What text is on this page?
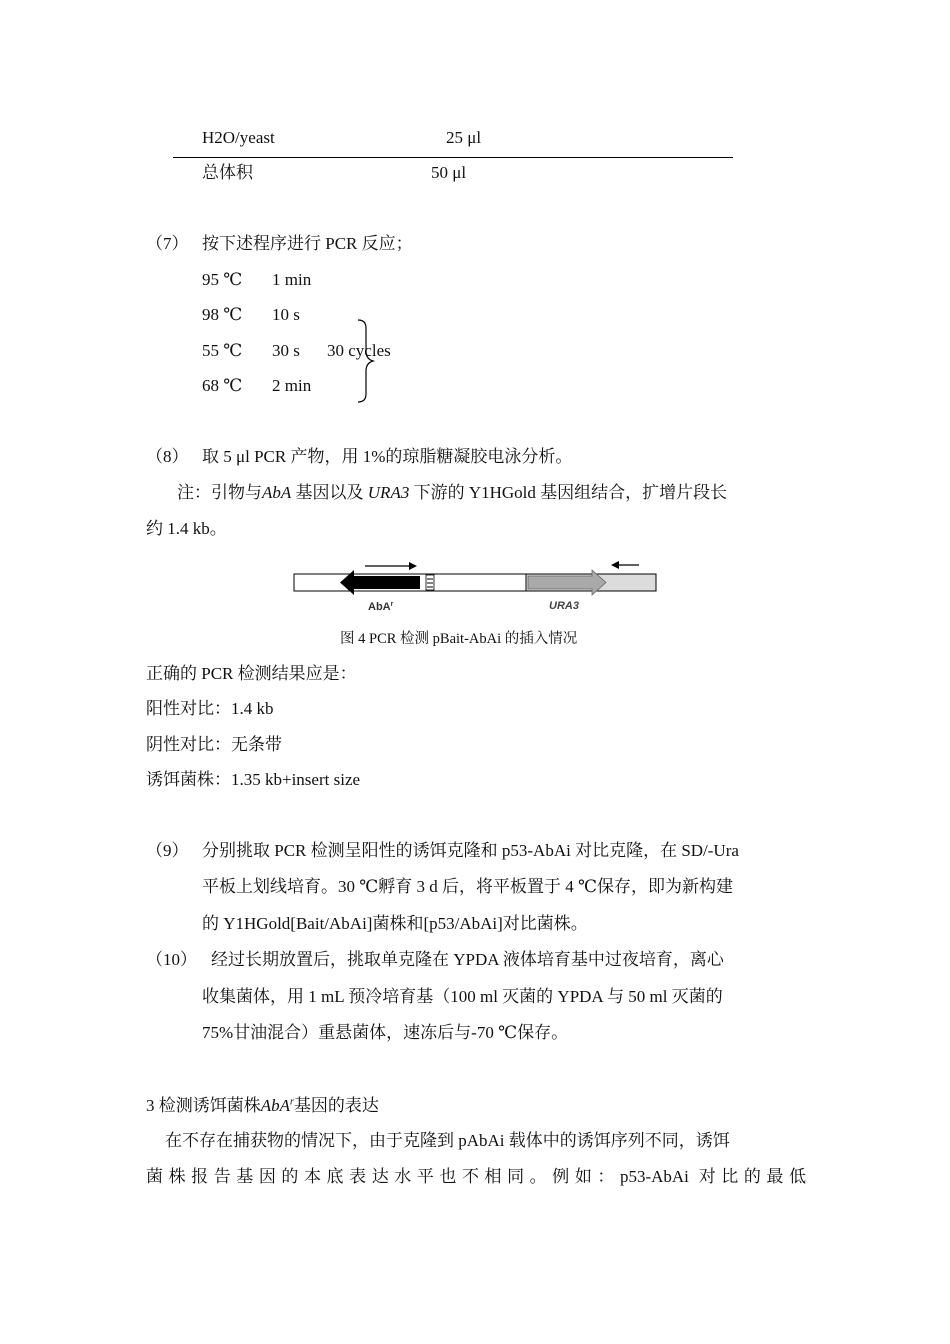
H2O/yeast	25 μl
总体积	50 μl
（7） 按下述程序进行 PCR 反应；
95 ℃ 1 min
98 ℃ 10 s
55 ℃ 30 s
68 ℃ 2 min
30 cycles
（8） 取 5 μl PCR 产物，用 1%的琼脂糖凝胶电泳分析。
注：引物与AbA 基因以及 URA3 下游的 Y1HGold 基因组结合，扩增片段长
约 1.4 kb。
AbA$^r$	URA3
图 4 PCR 检测 pBait-AbAi 的插入情况
正确的 PCR 检测结果应是：
阳性对比：1.4 kb
阴性对比：无条带
诱饵菌株：1.35 kb+insert size
（9） 分别挑取 PCR 检测呈阳性的诱饵克隆和 p53-AbAi 对比克隆，在 SD/-Ura
平板上划线培育。30 ℃孵育 3 d 后，将平板置于 4 ℃保存，即为新构建
的 Y1HGold[Bait/AbAi]菌株和[p53/AbAi]对比菌株。
（10） 经过长期放置后，挑取单克隆在 YPDA 液体培育基中过夜培育，离心
收集菌体，用 1 mL 预冷培育基（100 ml 灭菌的 YPDA 与 50 ml 灭菌的
75%甘油混合）重悬菌体，速冻后与-70 ℃保存。
3 检测诱饵菌株AbA$^r$基因的表达
在不存在捕获物的情况下，由于克隆到 pAbAi 载体中的诱饵序列不同，诱饵
菌株报告基因的本底表达水平也不相同。例如：p53-AbAi 对比的最低
